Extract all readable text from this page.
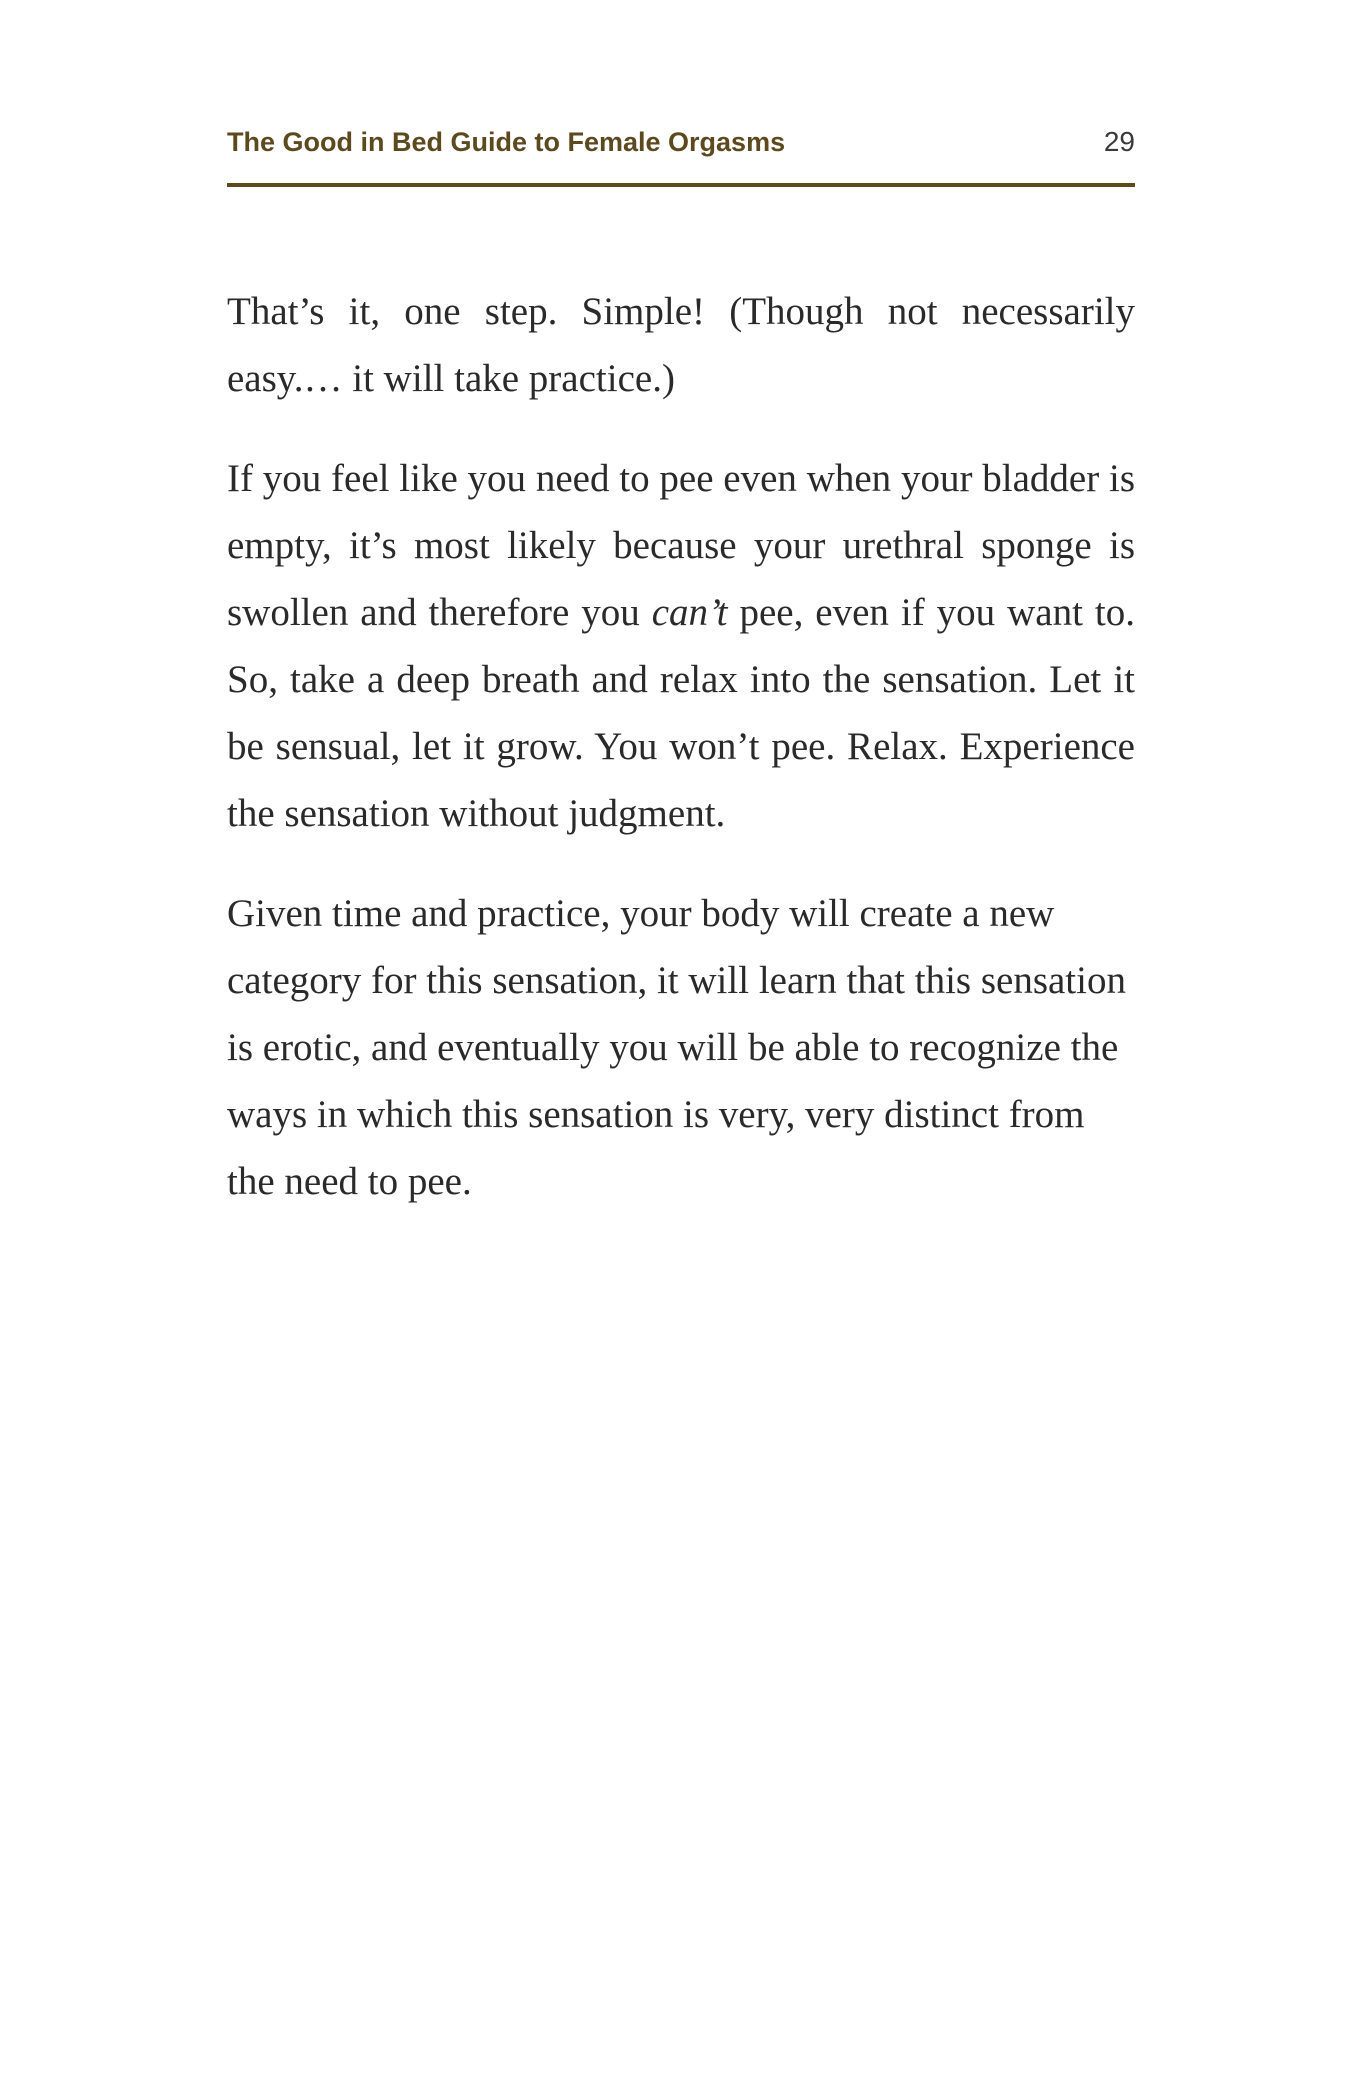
The Good in Bed Guide to Female Orgasms	29

That’s it, one step. Simple! (Though not necessarily easy.… it will take practice.)

If you feel like you need to pee even when your bladder is empty, it’s most likely because your urethral sponge is swollen and therefore you can’t pee, even if you want to. So, take a deep breath and relax into the sensation. Let it be sensual, let it grow. You won’t pee. Relax. Experience the sensation without judgment.

Given time and practice, your body will create a new category for this sensation, it will learn that this sensation is erotic, and eventually you will be able to recognize the ways in which this sensation is very, very distinct from the need to pee.
